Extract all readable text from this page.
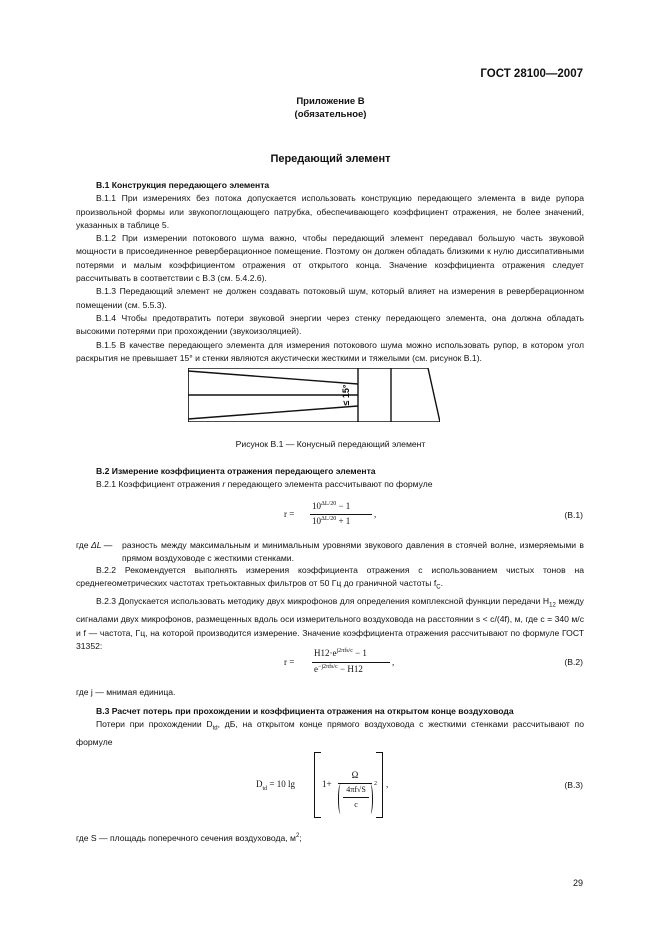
ГОСТ 28100—2007
Приложение В
(обязательное)
Передающий элемент

В.1 Конструкция передающего элемента

В.1.1 При измерениях без потока допускается использовать конструкцию передающего элемента в виде рупора произвольной формы или звукопоглощающего патрубка, обеспечивающего коэффициент отражения, не более значений, указанных в таблице 5.

В.1.2 При измерении потокового шума важно, чтобы передающий элемент передавал большую часть звуковой мощности в присоединенное реверберационное помещение. Поэтому он должен обладать близкими к нулю диссипативными потерями и малым коэффициентом отражения от открытого конца. Значение коэффициента отражения следует рассчитывать в соответствии с В.3 (см. 5.4.2.6).

В.1.3 Передающий элемент не должен создавать потоковый шум, который влияет на измерения в реверберационном помещении (см. 5.5.3).

В.1.4 Чтобы предотвратить потери звуковой энергии через стенку передающего элемента, она должна обладать высокими потерями при прохождении (звукоизоляцией).

В.1.5 В качестве передающего элемента для измерения потокового шума можно использовать рупор, в котором угол раскрытия не превышает 15° и стенки являются акустически жесткими и тяжелыми (см. рисунок В.1).

≤ 15°
Рисунок В.1 — Конусный передающий элемент

В.2 Измерение коэффициента отражения передающего элемента

В.2.1 Коэффициент отражения r передающего элемента рассчитывают по формуле

r =
$10^{\Delta L/20} - 1$
$10^{\Delta L/20} + 1$
,	(В.1)
где ΔL —	разность между максимальным и минимальным уровнями звукового давления в стоячей волне, измеряемыми в прямом воздуховоде с жесткими стенками.

В.2.2 Рекомендуется выполнять измерения коэффициента отражения с использованием чистых тонов на среднегеометрических частотах третьоктавных фильтров от 50 Гц до граничной частоты $f_C$.

В.2.3 Допускается использовать методику двух микрофонов для определения комплексной функции передачи $H_{12}$ между сигналами двух микрофонов, размещенных вдоль оси измерительного воздуховода на расстоянии s < c/(4f), м, где c = 340 м/с и f — частота, Гц, на которой производится измерение. Значение коэффициента отражения рассчитывают по формуле ГОСТ 31352:

r =
$H12\cdot e^{j2\pi fs/c} - 1$
$e^{-j2\pi fs/c} - H12$
,	(В.2)
где j — мнимая единица.

В.3 Расчет потерь при прохождении и коэффициента отражения на открытом конце воздуховода

Потери при прохождении $D_{td}$, дБ, на открытом конце прямого воздуховода с жесткими стенками рассчитывают по формуле

$D_{td} = 10$ lg	1+
Ω
4πf√S
c
2 ,	(В.3)
где S — площадь поперечного сечения воздуховода, $м^2$;
29
